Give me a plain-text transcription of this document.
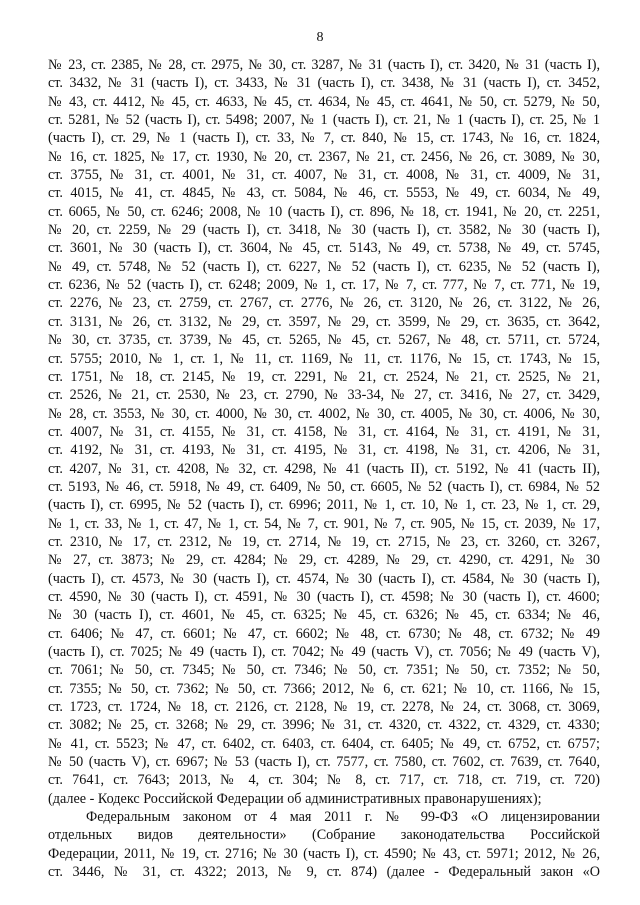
8

№ 23, ст. 2385, № 28, ст. 2975, № 30, ст. 3287, № 31 (часть I), ст. 3420, № 31 (часть I),
ст. 3432, № 31 (часть I), ст. 3433, № 31 (часть I), ст. 3438, № 31 (часть I), ст. 3452,
№ 43, ст. 4412, № 45, ст. 4633, № 45, ст. 4634, № 45, ст. 4641, № 50, ст. 5279, № 50,
ст. 5281, № 52 (часть I), ст. 5498; 2007, № 1 (часть I), ст. 21, № 1 (часть I), ст. 25, № 1
(часть I), ст. 29, № 1 (часть I), ст. 33, № 7, ст. 840, № 15, ст. 1743, № 16, ст. 1824,
№ 16, ст. 1825, № 17, ст. 1930, № 20, ст. 2367, № 21, ст. 2456, № 26, ст. 3089, № 30,
ст. 3755, № 31, ст. 4001, № 31, ст. 4007, № 31, ст. 4008, № 31, ст. 4009, № 31,
ст. 4015, № 41, ст. 4845, № 43, ст. 5084, № 46, ст. 5553, № 49, ст. 6034, № 49,
ст. 6065, № 50, ст. 6246; 2008, № 10 (часть I), ст. 896, № 18, ст. 1941, № 20, ст. 2251,
№ 20, ст. 2259, № 29 (часть I), ст. 3418, № 30 (часть I), ст. 3582, № 30 (часть I),
ст. 3601, № 30 (часть I), ст. 3604, № 45, ст. 5143, № 49, ст. 5738, № 49, ст. 5745,
№ 49, ст. 5748, № 52 (часть I), ст. 6227, № 52 (часть I), ст. 6235, № 52 (часть I),
ст. 6236, № 52 (часть I), ст. 6248; 2009, № 1, ст. 17, № 7, ст. 777, № 7, ст. 771, № 19,
ст. 2276, № 23, ст. 2759, ст. 2767, ст. 2776, № 26, ст. 3120, № 26, ст. 3122, № 26,
ст. 3131, № 26, ст. 3132, № 29, ст. 3597, № 29, ст. 3599, № 29, ст. 3635, ст. 3642,
№ 30, ст. 3735, ст. 3739, № 45, ст. 5265, № 45, ст. 5267, № 48, ст. 5711, ст. 5724,
ст. 5755; 2010, № 1, ст. 1, № 11, ст. 1169, № 11, ст. 1176, № 15, ст. 1743, № 15,
ст. 1751, № 18, ст. 2145, № 19, ст. 2291, № 21, ст. 2524, № 21, ст. 2525, № 21,
ст. 2526, № 21, ст. 2530, № 23, ст. 2790, № 33-34, № 27, ст. 3416, № 27, ст. 3429,
№ 28, ст. 3553, № 30, ст. 4000, № 30, ст. 4002, № 30, ст. 4005, № 30, ст. 4006, № 30,
ст. 4007, № 31, ст. 4155, № 31, ст. 4158, № 31, ст. 4164, № 31, ст. 4191, № 31,
ст. 4192, № 31, ст. 4193, № 31, ст. 4195, № 31, ст. 4198, № 31, ст. 4206, № 31,
ст. 4207, № 31, ст. 4208, № 32, ст. 4298, № 41 (часть II), ст. 5192, № 41 (часть II),
ст. 5193, № 46, ст. 5918, № 49, ст. 6409, № 50, ст. 6605, № 52 (часть I), ст. 6984, № 52
(часть I), ст. 6995, № 52 (часть I), ст. 6996; 2011, № 1, ст. 10, № 1, ст. 23, № 1, ст. 29,
№ 1, ст. 33, № 1, ст. 47, № 1, ст. 54, № 7, ст. 901, № 7, ст. 905, № 15, ст. 2039, № 17,
ст. 2310, № 17, ст. 2312, № 19, ст. 2714, № 19, ст. 2715, № 23, ст. 3260, ст. 3267,
№ 27, ст. 3873; № 29, ст. 4284; № 29, ст. 4289, № 29, ст. 4290, ст. 4291, № 30
(часть I), ст. 4573, № 30 (часть I), ст. 4574, № 30 (часть I), ст. 4584, № 30 (часть I),
ст. 4590, № 30 (часть I), ст. 4591, № 30 (часть I), ст. 4598; № 30 (часть I), ст. 4600;
№ 30 (часть I), ст. 4601, № 45, ст. 6325; № 45, ст. 6326; № 45, ст. 6334; № 46,
ст. 6406; № 47, ст. 6601; № 47, ст. 6602; № 48, ст. 6730; № 48, ст. 6732; № 49
(часть I), ст. 7025; № 49 (часть I), ст. 7042; № 49 (часть V), ст. 7056; № 49 (часть V),
ст. 7061; № 50, ст. 7345; № 50, ст. 7346; № 50, ст. 7351; № 50, ст. 7352; № 50,
ст. 7355; № 50, ст. 7362; № 50, ст. 7366; 2012, № 6, ст. 621; № 10, ст. 1166, № 15,
ст. 1723, ст. 1724, № 18, ст. 2126, ст. 2128, № 19, ст. 2278, № 24, ст. 3068, ст. 3069,
ст. 3082; № 25, ст. 3268; № 29, ст. 3996; № 31, ст. 4320, ст. 4322, ст. 4329, ст. 4330;
№ 41, ст. 5523; № 47, ст. 6402, ст. 6403, ст. 6404, ст. 6405; № 49, ст. 6752, ст. 6757;
№ 50 (часть V), ст. 6967; № 53 (часть I), ст. 7577, ст. 7580, ст. 7602, ст. 7639, ст. 7640,
ст. 7641, ст. 7643; 2013, № 4, ст. 304; № 8, ст. 717, ст. 718, ст. 719, ст. 720)
(далее - Кодекс Российской Федерации об административных правонарушениях);

Федеральным законом от 4 мая 2011 г. № 99-ФЗ «О лицензировании
отдельных видов деятельности» (Собрание законодательства Российской
Федерации, 2011, № 19, ст. 2716; № 30 (часть I), ст. 4590; № 43, ст. 5971; 2012, № 26,
ст. 3446, № 31, ст. 4322; 2013, № 9, ст. 874) (далее - Федеральный закон «О
